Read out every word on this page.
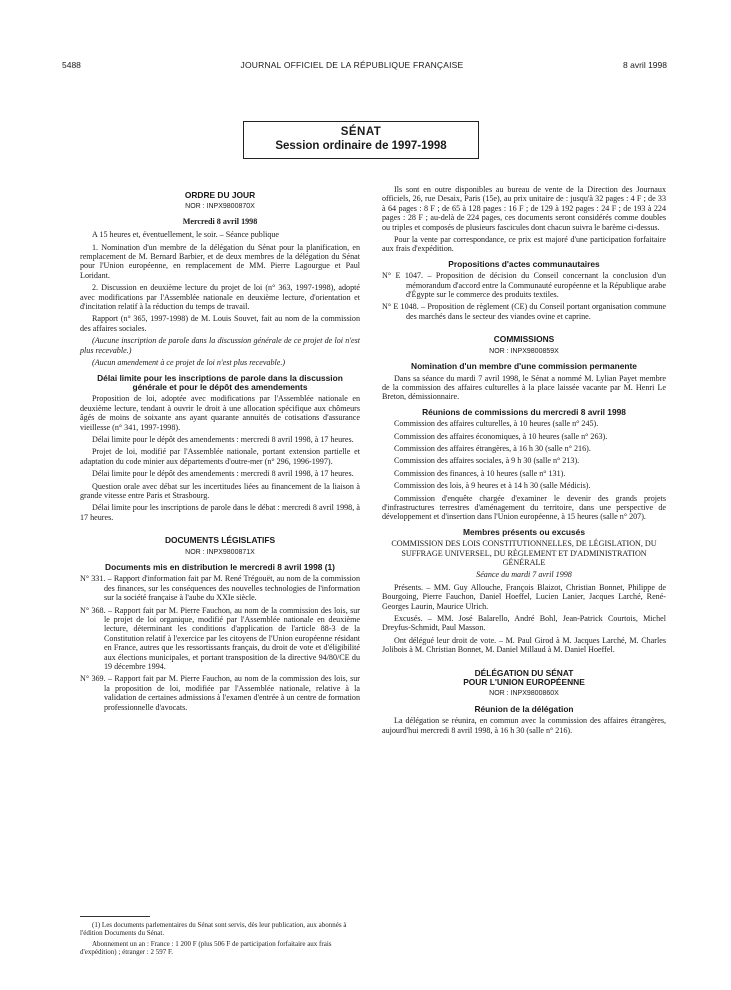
5488	JOURNAL OFFICIEL DE LA RÉPUBLIQUE FRANÇAISE	8 avril 1998
SÉNAT
Session ordinaire de 1997-1998
ORDRE DU JOUR
NOR : INPX9800870X
Mercredi 8 avril 1998

A 15 heures et, éventuellement, le soir. – Séance publique

1. Nomination d'un membre de la délégation du Sénat pour la planification, en remplacement de M. Bernard Barbier, et de deux membres de la délégation du Sénat pour l'Union européenne, en remplacement de MM. Pierre Lagourgue et Paul Loridant.

2. Discussion en deuxième lecture du projet de loi (n° 363, 1997-1998), adopté avec modifications par l'Assemblée nationale en deuxième lecture, d'orientation et d'incitation relatif à la réduction du temps de travail.

Rapport (n° 365, 1997-1998) de M. Louis Souvet, fait au nom de la commission des affaires sociales.

(Aucune inscription de parole dans la discussion générale de ce projet de loi n'est plus recevable.)

(Aucun amendement à ce projet de loi n'est plus recevable.)

Délai limite pour les inscriptions de parole dans la discussion générale et pour le dépôt des amendements

Proposition de loi, adoptée avec modifications par l'Assemblée nationale en deuxième lecture, tendant à ouvrir le droit à une allocation spécifique aux chômeurs âgés de moins de soixante ans ayant quarante annuités de cotisations d'assurance vieillesse (n° 341, 1997-1998).

Délai limite pour le dépôt des amendements : mercredi 8 avril 1998, à 17 heures.

Projet de loi, modifié par l'Assemblée nationale, portant extension partielle et adaptation du code minier aux départements d'outre-mer (n° 296, 1996-1997).

Délai limite pour le dépôt des amendements : mercredi 8 avril 1998, à 17 heures.

Question orale avec débat sur les incertitudes liées au financement de la liaison à grande vitesse entre Paris et Strasbourg.

Délai limite pour les inscriptions de parole dans le débat : mercredi 8 avril 1998, à 17 heures.

DOCUMENTS LÉGISLATIFS
NOR : INPX9800871X
Documents mis en distribution le mercredi 8 avril 1998 (1)

N° 331. – Rapport d'information fait par M. René Trégouët, au nom de la commission des finances, sur les conséquences des nouvelles technologies de l'information sur la société française à l'aube du XXIe siècle.

N° 368. – Rapport fait par M. Pierre Fauchon, au nom de la commission des lois, sur le projet de loi organique, modifié par l'Assemblée nationale en deuxième lecture, déterminant les conditions d'application de l'article 88-3 de la Constitution relatif à l'exercice par les citoyens de l'Union européenne résidant en France, autres que les ressortissants français, du droit de vote et d'éligibilité aux élections municipales, et portant transposition de la directive 94/80/CE du 19 décembre 1994.

N° 369. – Rapport fait par M. Pierre Fauchon, au nom de la commission des lois, sur la proposition de loi, modifiée par l'Assemblée nationale, relative à la validation de certaines admissions à l'examen d'entrée à un centre de formation professionnelle d'avocats.

(1) Les documents parlementaires du Sénat sont servis, dès leur publication, aux abonnés à l'édition Documents du Sénat.

Abonnement un an : France : 1 200 F (plus 506 F de participation forfaitaire aux frais d'expédition) ; étranger : 2 597 F.

Ils sont en outre disponibles au bureau de vente de la Direction des Journaux officiels, 26, rue Desaix, Paris (15e), au prix unitaire de : jusqu'à 32 pages : 4 F ; de 33 à 64 pages : 8 F ; de 65 à 128 pages : 16 F ; de 129 à 192 pages : 24 F ; de 193 à 224 pages : 28 F ; au-delà de 224 pages, ces documents seront considérés comme doubles ou triples et composés de plusieurs fascicules dont chacun suivra le barème ci-dessus.

Pour la vente par correspondance, ce prix est majoré d'une participation forfaitaire aux frais d'expédition.

Propositions d'actes communautaires

N° E 1047. – Proposition de décision du Conseil concernant la conclusion d'un mémorandum d'accord entre la Communauté européenne et la République arabe d'Égypte sur le commerce des produits textiles.

N° E 1048. – Proposition de règlement (CE) du Conseil portant organisation commune des marchés dans le secteur des viandes ovine et caprine.

COMMISSIONS
NOR : INPX9800859X
Nomination d'un membre d'une commission permanente

Dans sa séance du mardi 7 avril 1998, le Sénat a nommé M. Lylian Payet membre de la commission des affaires culturelles à la place laissée vacante par M. Henri Le Breton, démissionnaire.

Réunions de commissions du mercredi 8 avril 1998

Commission des affaires culturelles, à 10 heures (salle n° 245).

Commission des affaires économiques, à 10 heures (salle n° 263).

Commission des affaires étrangères, à 16 h 30 (salle n° 216).

Commission des affaires sociales, à 9 h 30 (salle n° 213).

Commission des finances, à 10 heures (salle n° 131).

Commission des lois, à 9 heures et à 14 h 30 (salle Médicis).

Commission d'enquête chargée d'examiner le devenir des grands projets d'infrastructures terrestres d'aménagement du territoire, dans une perspective de développement et d'insertion dans l'Union européenne, à 15 heures (salle n° 207).

Membres présents ou excusés

COMMISSION DES LOIS CONSTITUTIONNELLES, DE LÉGISLATION, DU SUFFRAGE UNIVERSEL, DU RÈGLEMENT ET D'ADMINISTRATION GÉNÉRALE

Séance du mardi 7 avril 1998

Présents. – MM. Guy Allouche, François Blaizot, Christian Bonnet, Philippe de Bourgoing, Pierre Fauchon, Daniel Hoeffel, Lucien Lanier, Jacques Larché, René-Georges Laurin, Maurice Ulrich.

Excusés. – MM. José Balarello, André Bohl, Jean-Patrick Courtois, Michel Dreyfus-Schmidt, Paul Masson.

Ont délégué leur droit de vote. – M. Paul Girod à M. Jacques Larché, M. Charles Jolibois à M. Christian Bonnet, M. Daniel Millaud à M. Daniel Hoeffel.

DÉLÉGATION DU SÉNAT
POUR L'UNION EUROPÉENNE
NOR : INPX9800860X
Réunion de la délégation

La délégation se réunira, en commun avec la commission des affaires étrangères, aujourd'hui mercredi 8 avril 1998, à 16 h 30 (salle n° 216).
